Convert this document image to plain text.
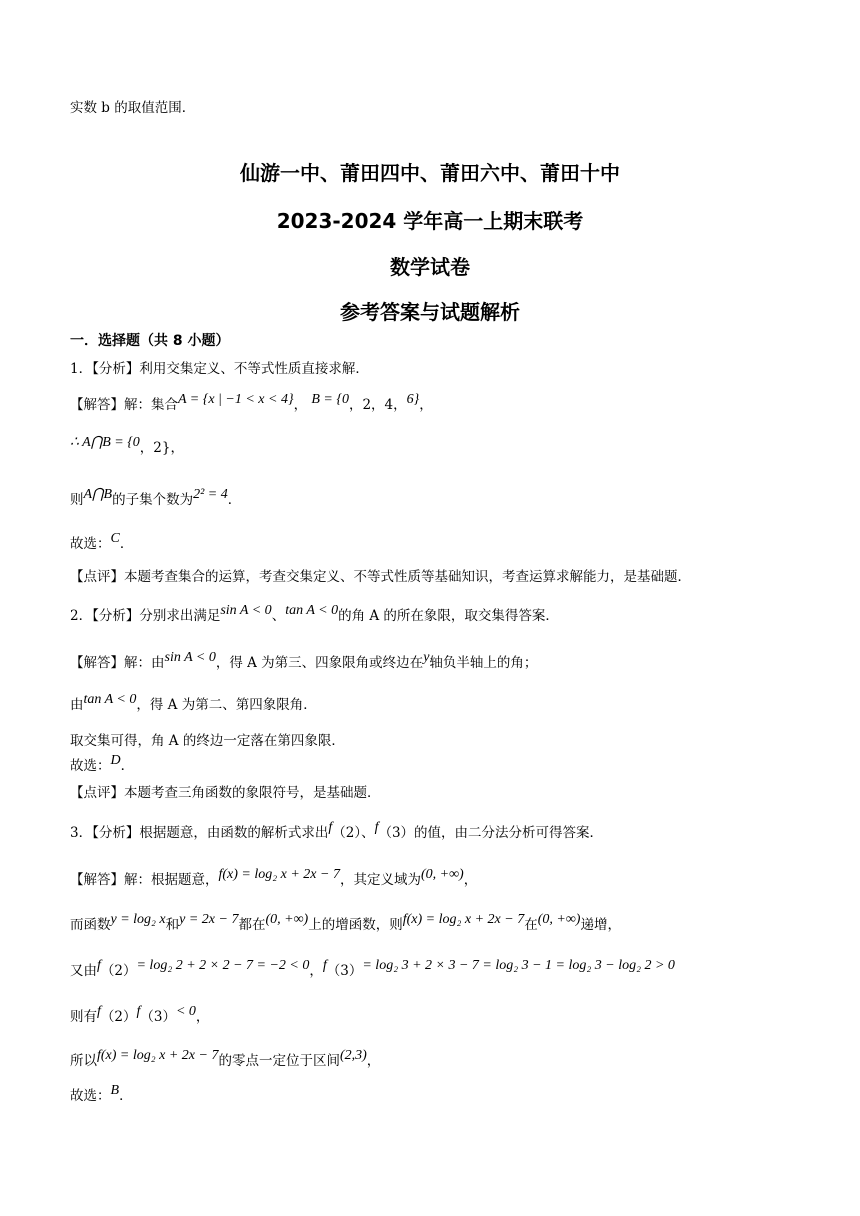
实数 b 的取值范围．
仙游一中、莆田四中、莆田六中、莆田十中
2023-2024 学年高一上期末联考
数学试卷
参考答案与试题解析
一．选择题（共 8 小题）
1．【分析】利用交集定义、不等式性质直接求解．
【解答】解：集合A = {x | −1 < x < 4}， B = {0，2，4，6}，
∴ A⋂B = {0，2}，
则A⋂B的子集个数为2² = 4．
故选：C．
【点评】本题考查集合的运算，考查交集定义、不等式性质等基础知识，考查运算求解能力，是基础题．
2．【分析】分别求出满足sin A < 0、tan A < 0的角 A 的所在象限，取交集得答案．
【解答】解：由sin A < 0，得 A 为第三、四象限角或终边在y轴负半轴上的角；
由tan A < 0，得 A 为第二、第四象限角．
取交集可得，角 A 的终边一定落在第四象限．
故选：D．
【点评】本题考查三角函数的象限符号，是基础题．
3．【分析】根据题意，由函数的解析式求出f（2）、f（3）的值，由二分法分析可得答案．
【解答】解：根据题意，f(x) = log₂ x + 2x − 7，其定义域为(0, +∞)，
而函数y = log₂ x和y = 2x − 7都在(0, +∞)上的增函数，则f(x) = log₂ x + 2x − 7在(0, +∞)递增，
又由f（2）= log₂ 2 + 2 × 2 − 7 = −2 < 0，f（3）= log₂ 3 + 2 × 3 − 7 = log₂ 3 − 1 = log₂ 3 − log₂ 2 > 0
则有f（2）f（3）< 0，
所以f(x) = log₂ x + 2x − 7的零点一定位于区间(2,3)，
故选：B．
